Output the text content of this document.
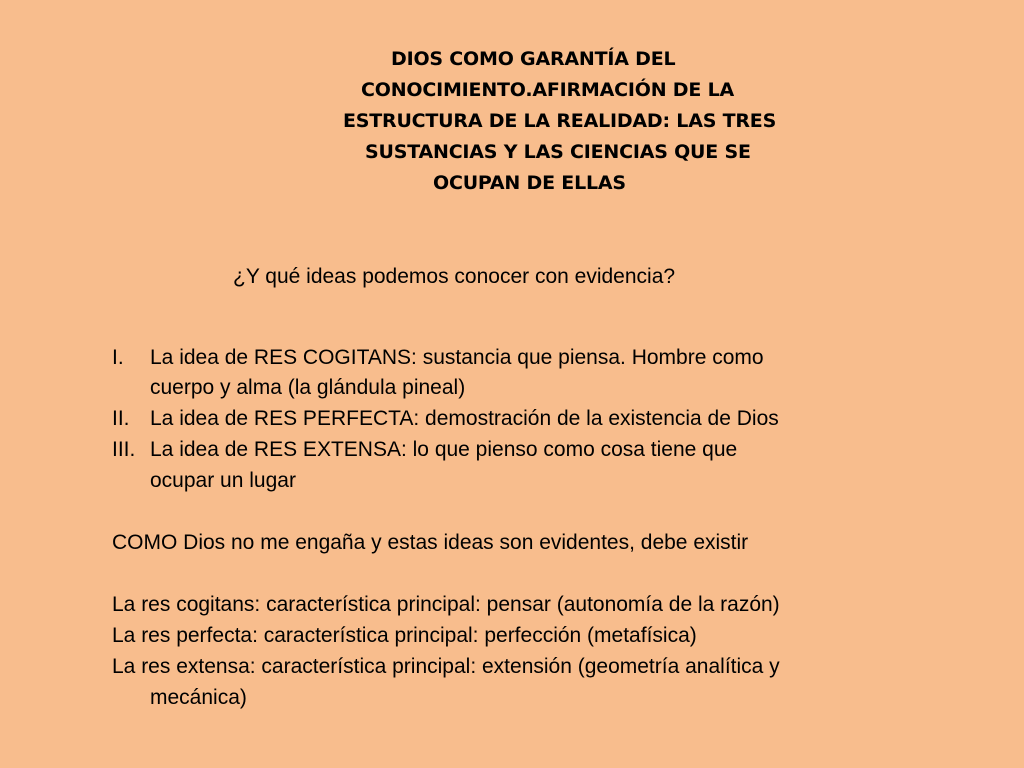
DIOS COMO GARANTÍA DEL
CONOCIMIENTO.AFIRMACIÓN DE LA
ESTRUCTURA DE LA REALIDAD: LAS TRES
SUSTANCIAS Y LAS CIENCIAS QUE SE
OCUPAN DE ELLAS
¿Y qué ideas podemos conocer con evidencia?
I. La idea de RES COGITANS: sustancia que piensa. Hombre como
cuerpo y alma (la glándula pineal)
II. La idea de RES PERFECTA: demostración de la existencia de Dios
III. La idea de RES EXTENSA: lo que pienso como cosa tiene que
ocupar un lugar
COMO Dios no me engaña y estas ideas son evidentes, debe existir
La res cogitans: característica principal: pensar (autonomía de la razón)
La res perfecta: característica principal: perfección (metafísica)
La res extensa: característica principal: extensión (geometría analítica y
mecánica)
